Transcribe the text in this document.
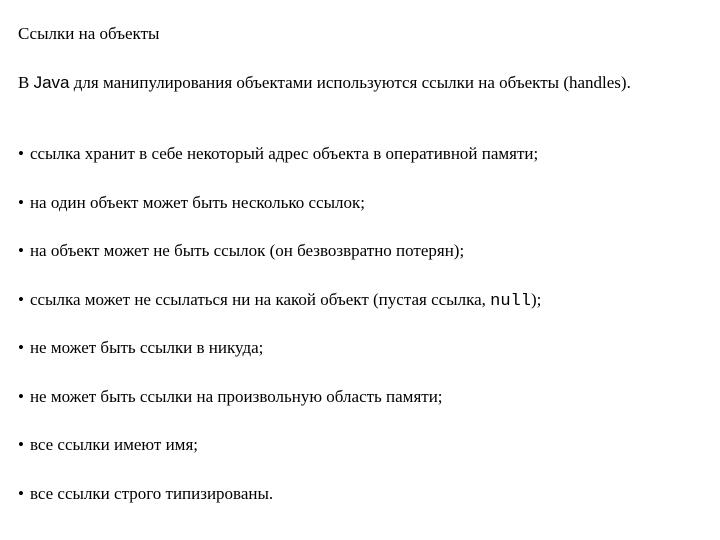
Ссылки на объекты
В Java для манипулирования объектами используются ссылки на объекты (handles).
• ссылка хранит в себе некоторый адрес объекта в оперативной памяти;
• на один объект может быть несколько ссылок;
• на объект может не быть ссылок (он безвозвратно потерян);
• ссылка может не ссылаться ни на какой объект (пустая ссылка, null);
• не может быть ссылки в никуда;
• не может быть ссылки на произвольную область памяти;
• все ссылки имеют имя;
• все ссылки строго типизированы.
